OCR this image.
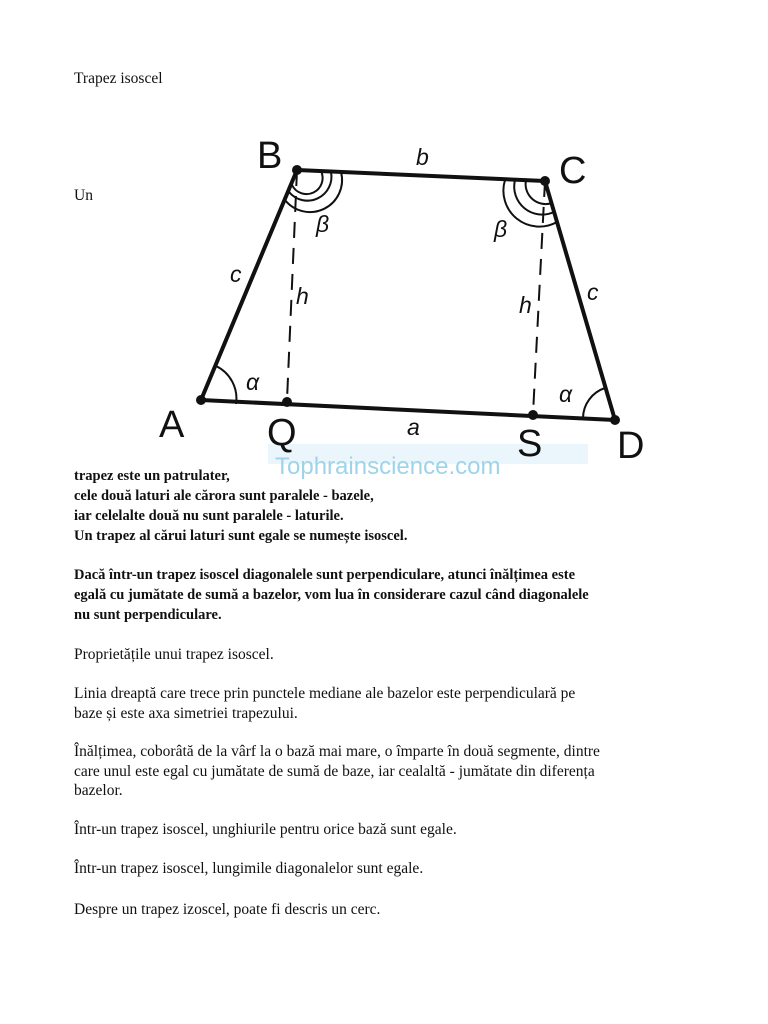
Trapez isoscel

Un

Tophrainscience.com
A
B	C
D
Q	S
b
a
c
c
h	h
α	α
β	β

trapez este un patrulater,

cele două laturi ale cărora sunt paralele - bazele,

iar celelalte două nu sunt paralele - laturile.

Un trapez al cărui laturi sunt egale se numește isoscel.

Dacă într-un trapez isoscel diagonalele sunt perpendiculare, atunci înălțimea este

egală cu jumătate de sumă a bazelor, vom lua în considerare cazul când diagonalele

nu sunt perpendiculare.

Proprietățile unui trapez isoscel.

Linia dreaptă care trece prin punctele mediane ale bazelor este perpendiculară pe

baze și este axa simetriei trapezului.

Înălțimea, coborâtă de la vârf la o bază mai mare, o împarte în două segmente, dintre

care unul este egal cu jumătate de sumă de baze, iar cealaltă - jumătate din diferența

bazelor.

Într-un trapez isoscel, unghiurile pentru orice bază sunt egale.

Într-un trapez isoscel, lungimile diagonalelor sunt egale.

Despre un trapez izoscel, poate fi descris un cerc.
